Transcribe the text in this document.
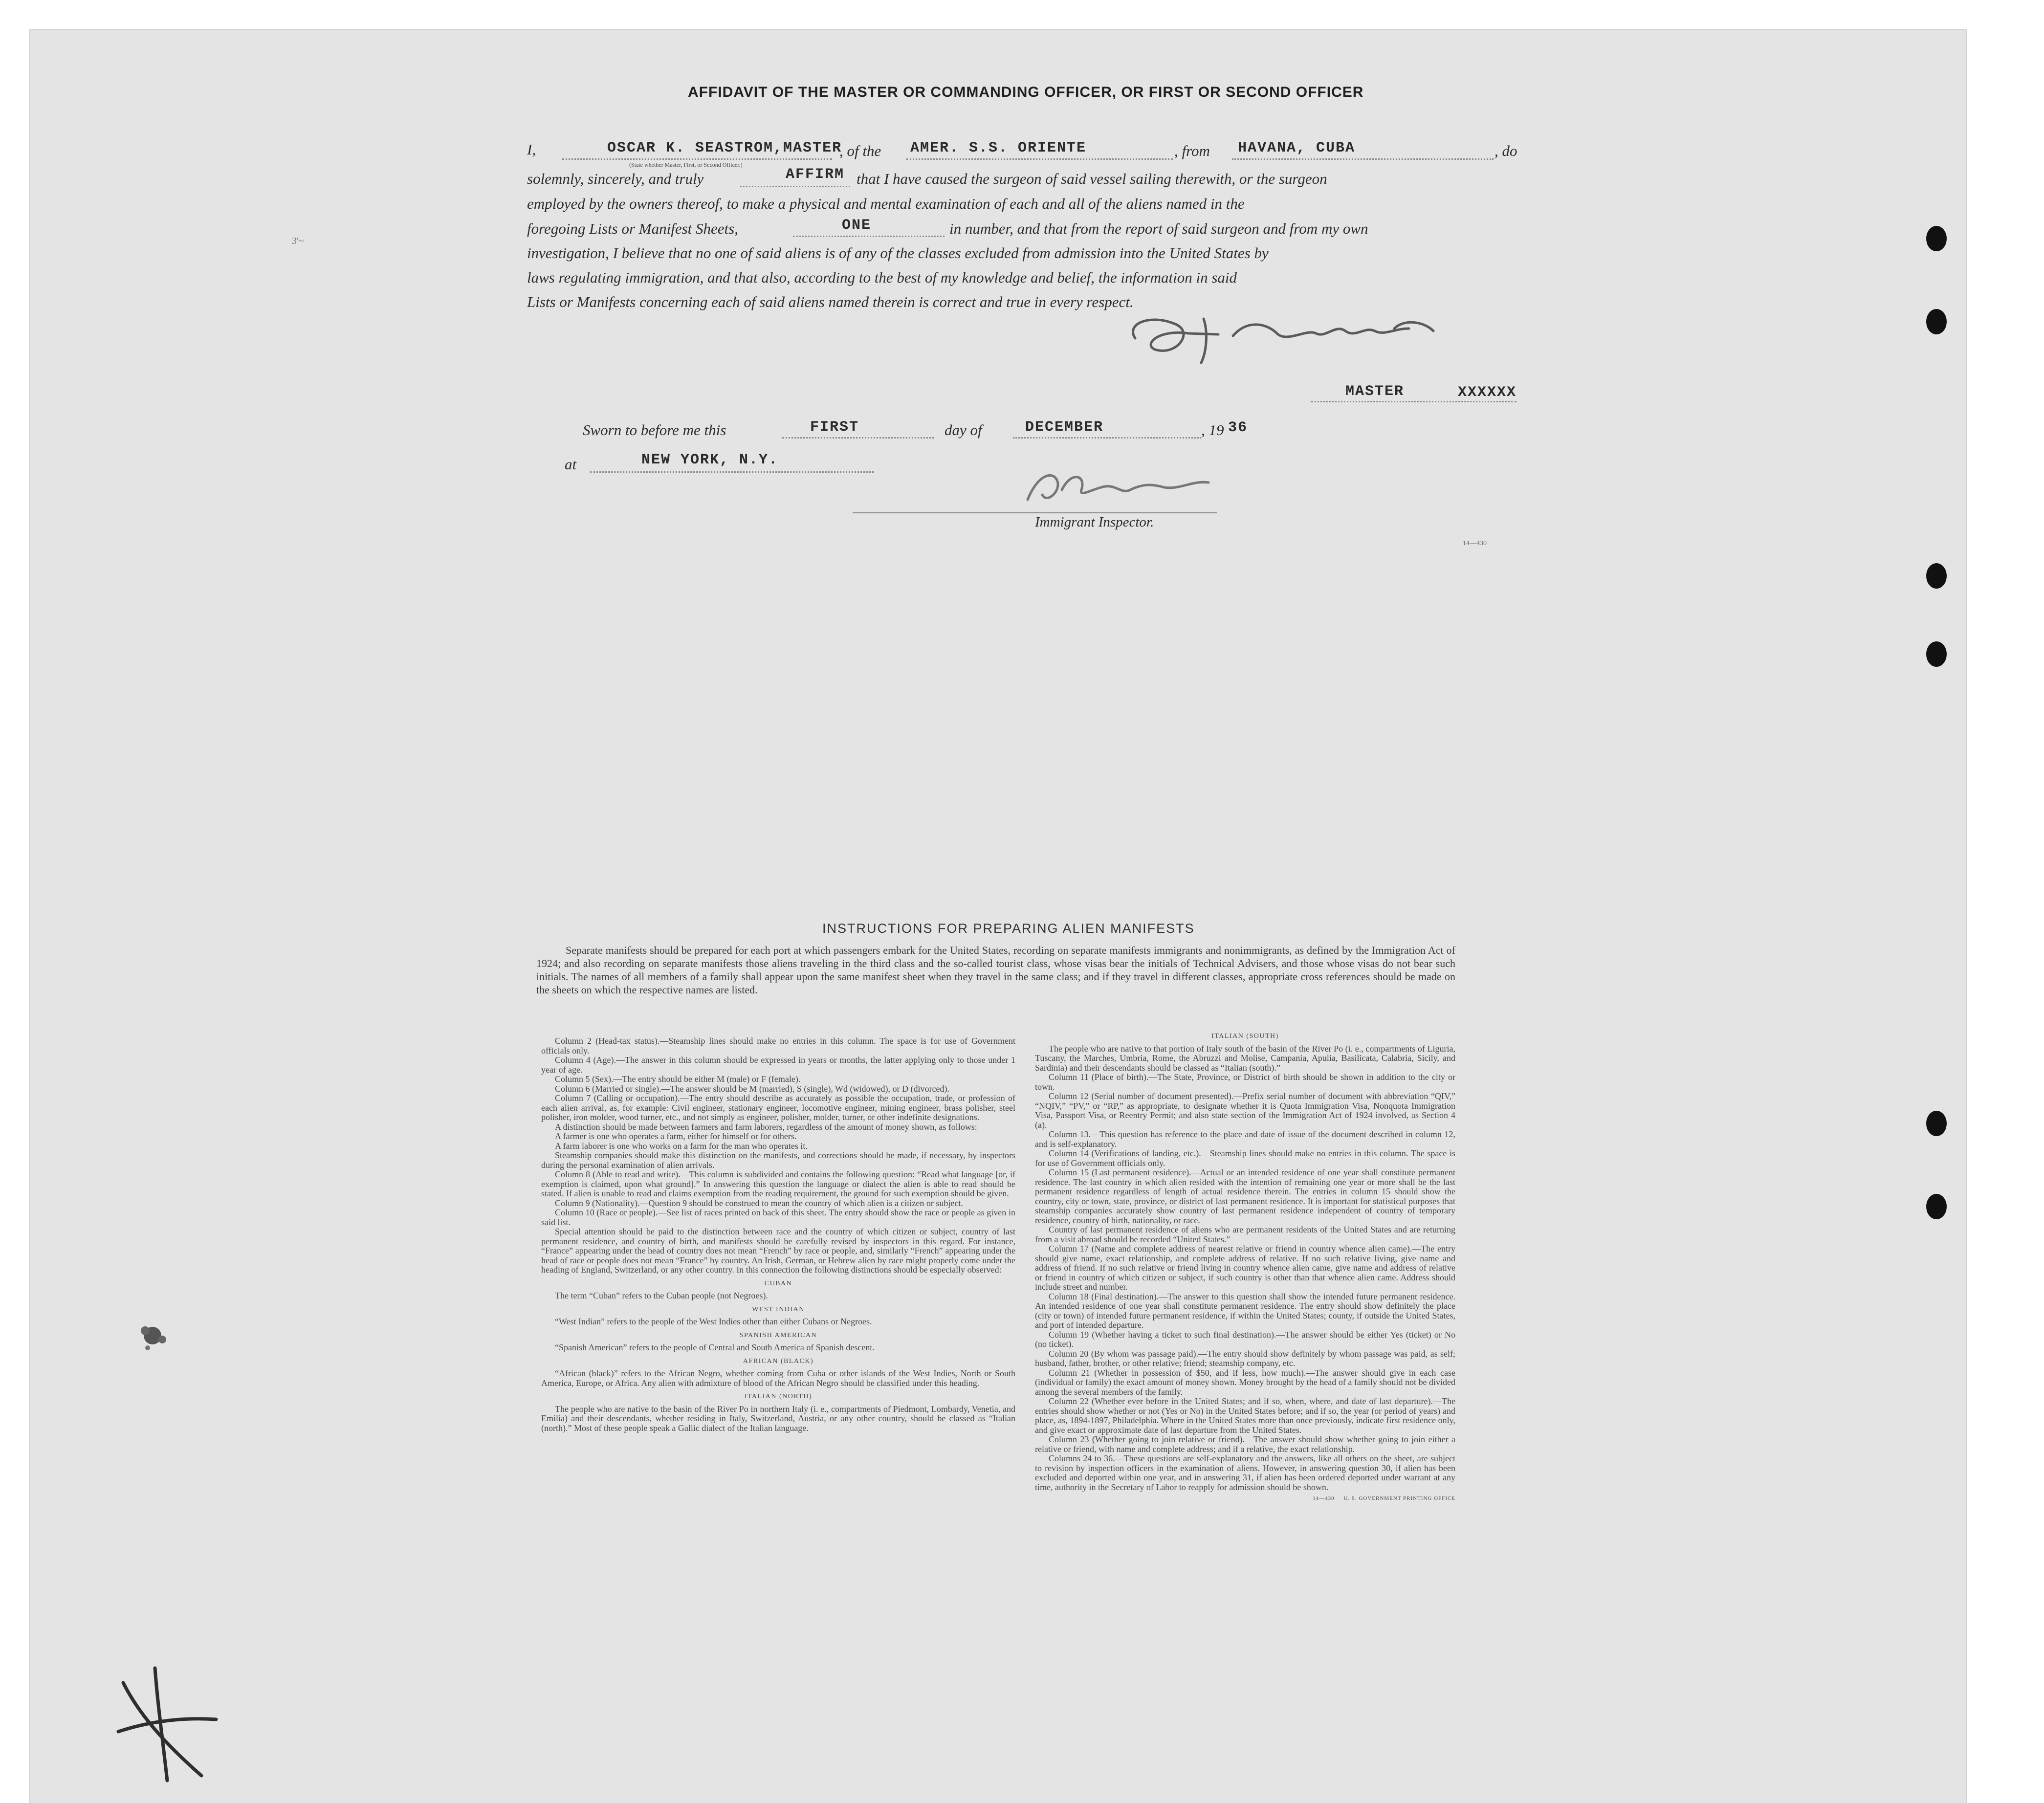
AFFIDAVIT OF THE MASTER OR COMMANDING OFFICER, OR FIRST OR SECOND OFFICER
I,	OSCAR K. SEASTROM,MASTER
(State whether Master, First, or Second Officer.)
, of the AMER. S.S. ORIENTE	, from HAVANA, CUBA	, do
solemnly, sincerely, and truly	AFFIRM that I have caused the surgeon of said vessel sailing therewith, or the surgeon
employed by the owners thereof, to make a physical and mental examination of each and all of the aliens named in the
foregoing Lists or Manifest Sheets,	ONE	in number, and that from the report of said surgeon and from my own
3'~
investigation, I believe that no one of said aliens is of any of the classes excluded from admission into the United States by
laws regulating immigration, and that also, according to the best of my knowledge and belief, the information in said
Lists or Manifests concerning each of said aliens named therein is correct and true in every respect.
MASTER	XXXXXX
Sworn to before me this	FIRST	day of	DECEMBER	, 19 36
at	NEW YORK, N.Y.
Immigrant Inspector.
14—430
INSTRUCTIONS FOR PREPARING ALIEN MANIFESTS
Separate manifests should be prepared for each port at which passengers embark for the United States, recording on separate manifests immigrants and nonimmigrants, as defined by the Immigration Act of 1924; and also recording on separate manifests those aliens traveling in the third class and the so-called tourist class, whose visas bear the initials of Technical Advisers, and those whose visas do not bear such initials. The names of all members of a family shall appear upon the same manifest sheet when they travel in the same class; and if they travel in different classes, appropriate cross references should be made on the sheets on which the respective names are listed.

Column 2 (Head-tax status).—Steamship lines should make no entries in this column. The space is for use of Government officials only.

Column 4 (Age).—The answer in this column should be expressed in years or months, the latter applying only to those under 1 year of age.

Column 5 (Sex).—The entry should be either M (male) or F (female).

Column 6 (Married or single).—The answer should be M (married), S (single), Wd (widowed), or D (divorced).

Column 7 (Calling or occupation).—The entry should describe as accurately as possible the occupation, trade, or profession of each alien arrival, as, for example: Civil engineer, stationary engineer, locomotive engineer, mining engineer, brass polisher, steel polisher, iron molder, wood turner, etc., and not simply as engineer, polisher, molder, turner, or other indefinite designations.

A distinction should be made between farmers and farm laborers, regardless of the amount of money shown, as follows:

A farmer is one who operates a farm, either for himself or for others.

A farm laborer is one who works on a farm for the man who operates it.

Steamship companies should make this distinction on the manifests, and corrections should be made, if necessary, by inspectors during the personal examination of alien arrivals.

Column 8 (Able to read and write).—This column is subdivided and contains the following question: “Read what language [or, if exemption is claimed, upon what ground].” In answering this question the language or dialect the alien is able to read should be stated. If alien is unable to read and claims exemption from the reading requirement, the ground for such exemption should be given.

Column 9 (Nationality).—Question 9 should be construed to mean the country of which alien is a citizen or subject.

Column 10 (Race or people).—See list of races printed on back of this sheet. The entry should show the race or people as given in said list.

Special attention should be paid to the distinction between race and the country of which citizen or subject, country of last permanent residence, and country of birth, and manifests should be carefully revised by inspectors in this regard. For instance, “France” appearing under the head of country does not mean “French” by race or people, and, similarly “French” appearing under the head of race or people does not mean “France” by country. An Irish, German, or Hebrew alien by race might properly come under the heading of England, Switzerland, or any other country. In this connection the following distinctions should be especially observed:

CUBAN

The term “Cuban” refers to the Cuban people (not Negroes).

WEST INDIAN

“West Indian” refers to the people of the West Indies other than either Cubans or Negroes.

SPANISH AMERICAN

“Spanish American” refers to the people of Central and South America of Spanish descent.

AFRICAN (BLACK)

“African (black)” refers to the African Negro, whether coming from Cuba or other islands of the West Indies, North or South America, Europe, or Africa. Any alien with admixture of blood of the African Negro should be classified under this heading.

ITALIAN (NORTH)

The people who are native to the basin of the River Po in northern Italy (i. e., compartments of Piedmont, Lombardy, Venetia, and Emilia) and their descendants, whether residing in Italy, Switzerland, Austria, or any other country, should be classed as “Italian (north).” Most of these people speak a Gallic dialect of the Italian language.

ITALIAN (SOUTH)

The people who are native to that portion of Italy south of the basin of the River Po (i. e., compartments of Liguria, Tuscany, the Marches, Umbria, Rome, the Abruzzi and Molise, Campania, Apulia, Basilicata, Calabria, Sicily, and Sardinia) and their descendants should be classed as “Italian (south).”

Column 11 (Place of birth).—The State, Province, or District of birth should be shown in addition to the city or town.

Column 12 (Serial number of document presented).—Prefix serial number of document with abbreviation “QIV,” “NQIV,” “PV,” or “RP,” as appropriate, to designate whether it is Quota Immigration Visa, Nonquota Immigration Visa, Passport Visa, or Reentry Permit; and also state section of the Immigration Act of 1924 involved, as Section 4 (a).

Column 13.—This question has reference to the place and date of issue of the document described in column 12, and is self-explanatory.

Column 14 (Verifications of landing, etc.).—Steamship lines should make no entries in this column. The space is for use of Government officials only.

Column 15 (Last permanent residence).—Actual or an intended residence of one year shall constitute permanent residence. The last country in which alien resided with the intention of remaining one year or more shall be the last permanent residence regardless of length of actual residence therein. The entries in column 15 should show the country, city or town, state, province, or district of last permanent residence. It is important for statistical purposes that steamship companies accurately show country of last permanent residence independent of country of temporary residence, country of birth, nationality, or race.

Country of last permanent residence of aliens who are permanent residents of the United States and are returning from a visit abroad should be recorded “United States.”

Column 17 (Name and complete address of nearest relative or friend in country whence alien came).—The entry should give name, exact relationship, and complete address of relative. If no such relative living, give name and address of friend. If no such relative or friend living in country whence alien came, give name and address of relative or friend in country of which citizen or subject, if such country is other than that whence alien came. Address should include street and number.

Column 18 (Final destination).—The answer to this question shall show the intended future permanent residence. An intended residence of one year shall constitute permanent residence. The entry should show definitely the place (city or town) of intended future permanent residence, if within the United States; county, if outside the United States, and port of intended departure.

Column 19 (Whether having a ticket to such final destination).—The answer should be either Yes (ticket) or No (no ticket).

Column 20 (By whom was passage paid).—The entry should show definitely by whom passage was paid, as self; husband, father, brother, or other relative; friend; steamship company, etc.

Column 21 (Whether in possession of $50, and if less, how much).—The answer should give in each case (individual or family) the exact amount of money shown. Money brought by the head of a family should not be divided among the several members of the family.

Column 22 (Whether ever before in the United States; and if so, when, where, and date of last departure).—The entries should show whether or not (Yes or No) in the United States before; and if so, the year (or period of years) and place, as, 1894-1897, Philadelphia. Where in the United States more than once previously, indicate first residence only, and give exact or approximate date of last departure from the United States.

Column 23 (Whether going to join relative or friend).—The answer should show whether going to join either a relative or friend, with name and complete address; and if a relative, the exact relationship.

Columns 24 to 36.—These questions are self-explanatory and the answers, like all others on the sheet, are subject to revision by inspection officers in the examination of aliens. However, in answering question 30, if alien has been excluded and deported within one year, and in answering 31, if alien has been ordered deported under warrant at any time, authority in the Secretary of Labor to reapply for admission should be shown.

14—430 U. S. GOVERNMENT PRINTING OFFICE
